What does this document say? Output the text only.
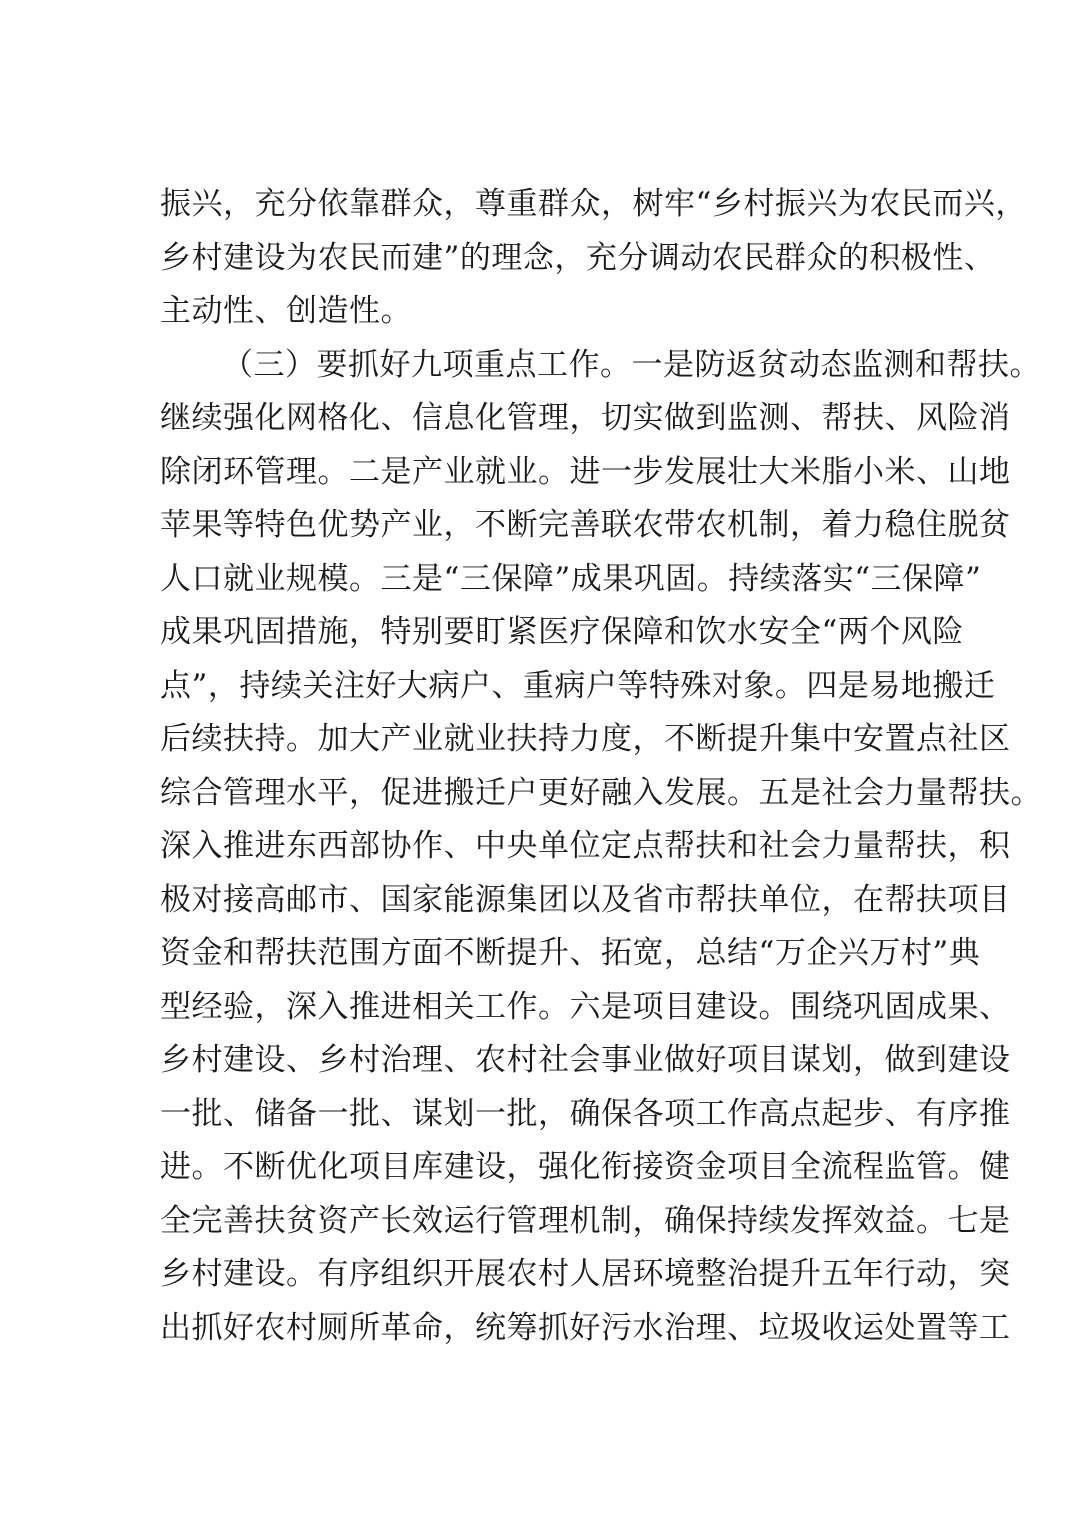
振兴，充分依靠群众，尊重群众，树牢“乡村振兴为农民而兴，
乡村建设为农民而建”的理念，充分调动农民群众的积极性、
主动性、创造性。
（三）要抓好九项重点工作。一是防返贫动态监测和帮扶。
继续强化网格化、信息化管理，切实做到监测、帮扶、风险消
除闭环管理。二是产业就业。进一步发展壮大米脂小米、山地
苹果等特色优势产业，不断完善联农带农机制，着力稳住脱贫
人口就业规模。三是“三保障”成果巩固。持续落实“三保障”
成果巩固措施，特别要盯紧医疗保障和饮水安全“两个风险
点”，持续关注好大病户、重病户等特殊对象。四是易地搬迁
后续扶持。加大产业就业扶持力度，不断提升集中安置点社区
综合管理水平，促进搬迁户更好融入发展。五是社会力量帮扶。
深入推进东西部协作、中央单位定点帮扶和社会力量帮扶，积
极对接高邮市、国家能源集团以及省市帮扶单位，在帮扶项目
资金和帮扶范围方面不断提升、拓宽，总结“万企兴万村”典
型经验，深入推进相关工作。六是项目建设。围绕巩固成果、
乡村建设、乡村治理、农村社会事业做好项目谋划，做到建设
一批、储备一批、谋划一批，确保各项工作高点起步、有序推
进。不断优化项目库建设，强化衔接资金项目全流程监管。健
全完善扶贫资产长效运行管理机制，确保持续发挥效益。七是
乡村建设。有序组织开展农村人居环境整治提升五年行动，突
出抓好农村厕所革命，统筹抓好污水治理、垃圾收运处置等工
